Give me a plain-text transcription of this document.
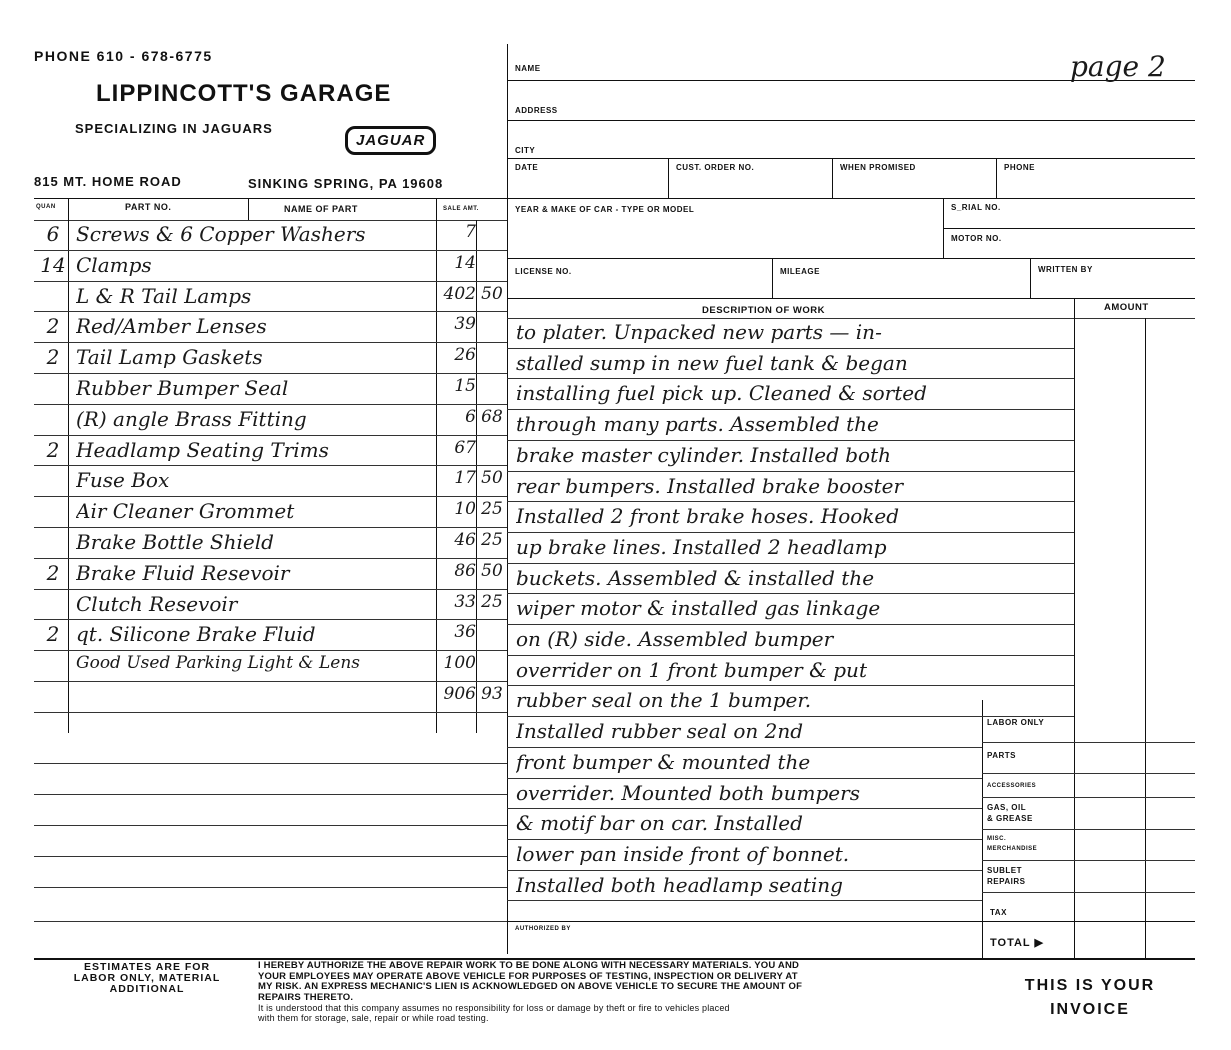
PHONE 610 - 678-6775
LIPPINCOTT'S GARAGE
SPECIALIZING IN JAGUARS
JAGUAR
815 MT. HOME ROAD	SINKING SPRING, PA 19608
NAME	page 2
ADDRESS
CITY
DATE	CUST. ORDER NO.	WHEN PROMISED	PHONE
YEAR & MAKE OF CAR - TYPE OR MODEL	S_RIAL NO.
MOTOR NO.
LICENSE NO.	MILEAGE	WRITTEN BY
DESCRIPTION OF WORK	AMOUNT
QUAN	PART NO.	NAME OF PART	SALE AMT.
6 Screws & 6 Copper Washers	7
14 Clamps	14
L & R Tail Lamps	402 50
2 Red/Amber Lenses	39
2 Tail Lamp Gaskets	26
Rubber Bumper Seal	15
(R) angle Brass Fitting	6 68
2 Headlamp Seating Trims	67
Fuse Box	17 50
Air Cleaner Grommet	10 25
Brake Bottle Shield	46 25
2 Brake Fluid Resevoir	86 50
Clutch Resevoir	33 25
2 qt. Silicone Brake Fluid	36
Good Used Parking Light & Lens	100
906 93
to plater. Unpacked new parts — in-
stalled sump in new fuel tank & began
installing fuel pick up. Cleaned & sorted
through many parts. Assembled the
brake master cylinder. Installed both
rear bumpers. Installed brake booster
Installed 2 front brake hoses. Hooked
up brake lines. Installed 2 headlamp
buckets. Assembled & installed the
wiper motor & installed gas linkage
on (R) side. Assembled bumper
overrider on 1 front bumper & put
rubber seal on the 1 bumper.
Installed rubber seal on 2nd
front bumper & mounted the
overrider. Mounted both bumpers
& motif bar on car. Installed
lower pan inside front of bonnet.
Installed both headlamp seating
LABOR ONLY
PARTS
ACCESSORIES
GAS, OIL
& GREASE
MISC.
MERCHANDISE
SUBLET
REPAIRS
TAX
TOTAL ▶
AUTHORIZED BY
ESTIMATES ARE FOR
LABOR ONLY, MATERIAL
ADDITIONAL
I HEREBY AUTHORIZE THE ABOVE REPAIR WORK TO BE DONE ALONG WITH NECESSARY MATERIALS. YOU AND
YOUR EMPLOYEES MAY OPERATE ABOVE VEHICLE FOR PURPOSES OF TESTING, INSPECTION OR DELIVERY AT
MY RISK. AN EXPRESS MECHANIC'S LIEN IS ACKNOWLEDGED ON ABOVE VEHICLE TO SECURE THE AMOUNT OF
REPAIRS THERETO.
It is understood that this company assumes no responsibility for loss or damage by theft or fire to vehicles placed
with them for storage, sale, repair or while road testing.
THIS IS YOUR
INVOICE
